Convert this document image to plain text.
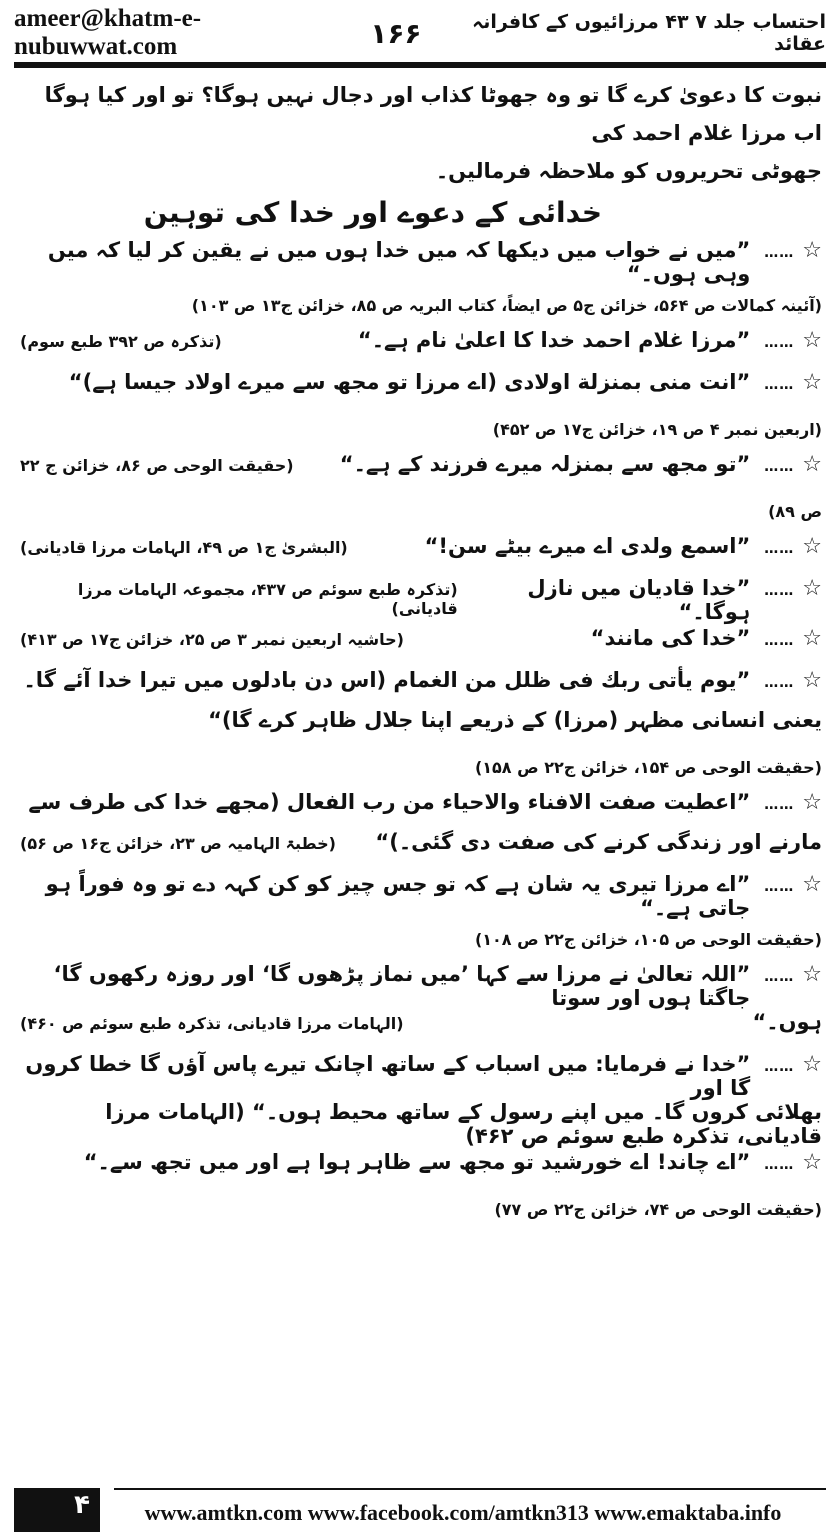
ameer@khatm-e-nubuwwat.com	۱۶۶	احتساب جلد ۷ ۴۳ مرزائیوں کے کافرانہ عقائد

نبوت کا دعویٰ کرے گا تو وہ جھوٹا کذاب اور دجال نہیں ہوگا؟ تو اور کیا ہوگا اب مرزا غلام احمد کی

جھوٹی تحریروں کو ملاحظہ فرمالیں۔

خدائی کے دعوے اور خدا کی توہین

☆
……
”میں نے خواب میں دیکھا کہ میں خدا ہوں میں نے یقین کر لیا کہ میں وہی ہوں۔“

(آئینہ کمالات ص ۵۶۴، خزائن ج۵ ص ایضاً، کتاب البریہ ص ۸۵، خزائن ج۱۳ ص ۱۰۳)

☆
……
”مرزا غلام احمد خدا کا اعلیٰ نام ہے۔“
(تذکرہ ص ۳۹۲ طبع سوم)
☆
……
”انت منی بمنزلة اولادی (اے مرزا تو مجھ سے میرے اولاد جیسا ہے)“

(اربعین نمبر ۴ ص ۱۹، خزائن ج۱۷ ص ۴۵۲)

☆
……
”تو مجھ سے بمنزلہ میرے فرزند کے ہے۔“
(حقیقت الوحی ص ۸۶، خزائن ج ۲۲

ص ۸۹)

☆
……
”اسمع ولدی اے میرے بیٹے سن!“
(البشریٰ ج۱ ص ۴۹، الہامات مرزا قادیانی)
☆
……
”خدا قادیان میں نازل ہوگا۔“
(تذکرہ طبع سوئم ص ۴۳۷، مجموعہ الہامات مرزا قادیانی)
☆
……
”خدا کی مانند“
(حاشیہ اربعین نمبر ۳ ص ۲۵، خزائن ج۱۷ ص ۴۱۳)
☆
……
”یوم یأتی ربك فی ظلل من الغمام (اس دن بادلوں میں تیرا خدا آئے گا۔
یعنی انسانی مظہر (مرزا) کے ذریعے اپنا جلال ظاہر کرے گا)“

(حقیقت الوحی ص ۱۵۴، خزائن ج۲۲ ص ۱۵۸)

☆
……
”اعطیت صفت الافناء والاحیاء من رب الفعال (مجھے خدا کی طرف سے
مارنے اور زندگی کرنے کی صفت دی گئی۔)“
(خطبۃ الہامیہ ص ۲۳، خزائن ج۱۶ ص ۵۶)
☆
……
”اے مرزا تیری یہ شان ہے کہ تو جس چیز کو کن کہہ دے تو وہ فوراً ہو جاتی ہے۔“

(حقیقت الوحی ص ۱۰۵، خزائن ج۲۲ ص ۱۰۸)

☆
……
”اللہ تعالیٰ نے مرزا سے کہا ’میں نماز پڑھوں گا‘ اور روزہ رکھوں گا‘ جاگتا ہوں اور سوتا
ہوں۔“
(الہامات مرزا قادیانی، تذکرہ طبع سوئم ص ۴۶۰)
☆
……
”خدا نے فرمایا: میں اسباب کے ساتھ اچانک تیرے پاس آؤں گا خطا کروں گا اور
بھلائی کروں گا۔ میں اپنے رسول کے ساتھ محیط ہوں۔“ (الہامات مرزا قادیانی، تذکرہ طبع سوئم ص ۴۶۲)
☆
……
”اے چاند! اے خورشید تو مجھ سے ظاہر ہوا ہے اور میں تجھ سے۔“

(حقیقت الوحی ص ۷۴، خزائن ج۲۲ ص ۷۷)

۴	www.amtkn.com www.facebook.com/amtkn313 www.emaktaba.info
